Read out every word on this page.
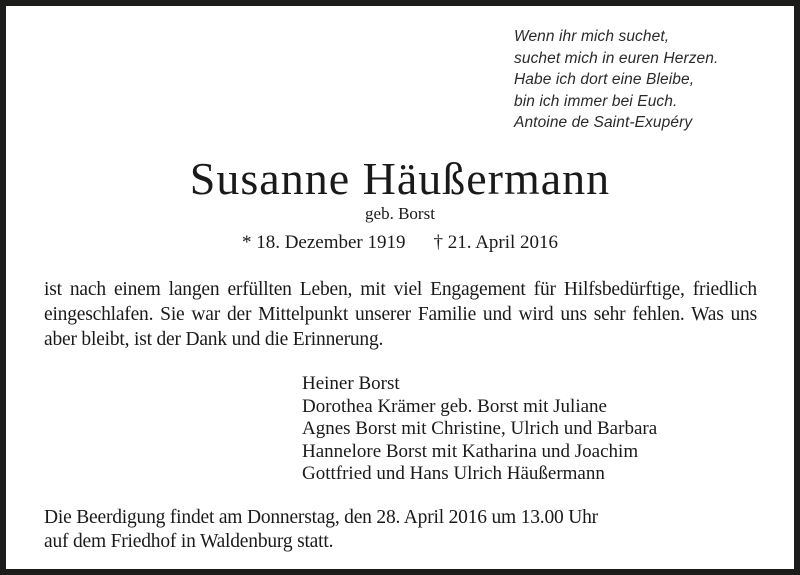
Wenn ihr mich suchet,
suchet mich in euren Herzen.
Habe ich dort eine Bleibe,
bin ich immer bei Euch.
Antoine de Saint-Exupéry
Susanne Häußermann
geb. Borst
* 18. Dezember 1919 † 21. April 2016
ist nach einem langen erfüllten Leben, mit viel Engagement für Hilfsbedürftige, friedlich eingeschlafen. Sie war der Mittelpunkt unserer Familie und wird uns sehr fehlen. Was uns aber bleibt, ist der Dank und die Erinnerung.
Heiner Borst
Dorothea Krämer geb. Borst mit Juliane
Agnes Borst mit Christine, Ulrich und Barbara
Hannelore Borst mit Katharina und Joachim
Gottfried und Hans Ulrich Häußermann
Die Beerdigung findet am Donnerstag, den 28. April 2016 um 13.00 Uhr
auf dem Friedhof in Waldenburg statt.
